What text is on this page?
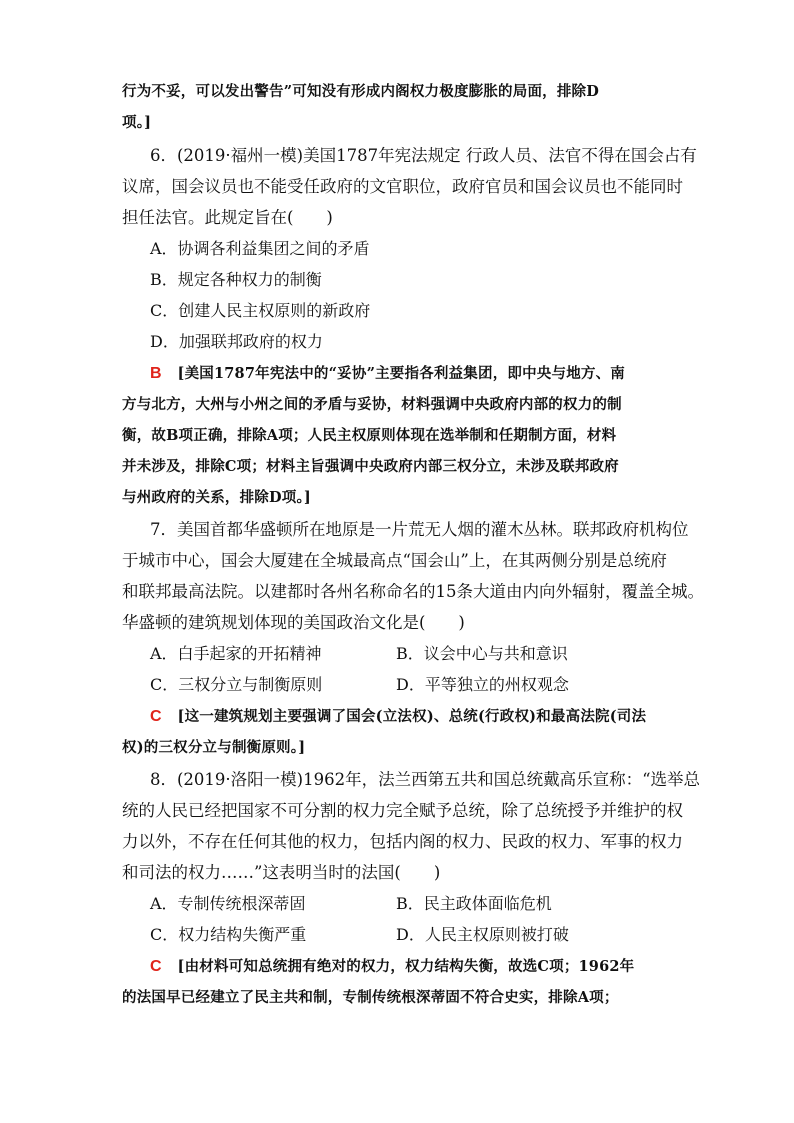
行为不妥，可以发出警告”可知没有形成内阁权力极度膨胀的局面，排除D
项。]
6．(2019·福州一模)美国1787年宪法规定 行政人员、法官不得在国会占有
议席，国会议员也不能受任政府的文官职位，政府官员和国会议员也不能同时
担任法官。此规定旨在(　　)
A．协调各利益集团之间的矛盾
B．规定各种权力的制衡
C．创建人民主权原则的新政府
D．加强联邦政府的权力
B [美国1787年宪法中的“妥协”主要指各利益集团，即中央与地方、南
方与北方，大州与小州之间的矛盾与妥协，材料强调中央政府内部的权力的制
衡，故B项正确，排除A项；人民主权原则体现在选举制和任期制方面，材料
并未涉及，排除C项；材料主旨强调中央政府内部三权分立，未涉及联邦政府
与州政府的关系，排除D项。]
7．美国首都华盛顿所在地原是一片荒无人烟的灌木丛林。联邦政府机构位
于城市中心，国会大厦建在全城最高点“国会山”上，在其两侧分别是总统府
和联邦最高法院。以建都时各州名称命名的15条大道由内向外辐射，覆盖全城。
华盛顿的建筑规划体现的美国政治文化是(　　)
A．白手起家的开拓精神	B．议会中心与共和意识
C．三权分立与制衡原则	D．平等独立的州权观念
C [这一建筑规划主要强调了国会(立法权)、总统(行政权)和最高法院(司法
权)的三权分立与制衡原则。]
8．(2019·洛阳一模)1962年，法兰西第五共和国总统戴高乐宣称：“选举总
统的人民已经把国家不可分割的权力完全赋予总统，除了总统授予并维护的权
力以外，不存在任何其他的权力，包括内阁的权力、民政的权力、军事的权力
和司法的权力……”这表明当时的法国(　　)
A．专制传统根深蒂固	B．民主政体面临危机
C．权力结构失衡严重	D．人民主权原则被打破
C [由材料可知总统拥有绝对的权力，权力结构失衡，故选C项；1962年
的法国早已经建立了民主共和制，专制传统根深蒂固不符合史实，排除A项；
